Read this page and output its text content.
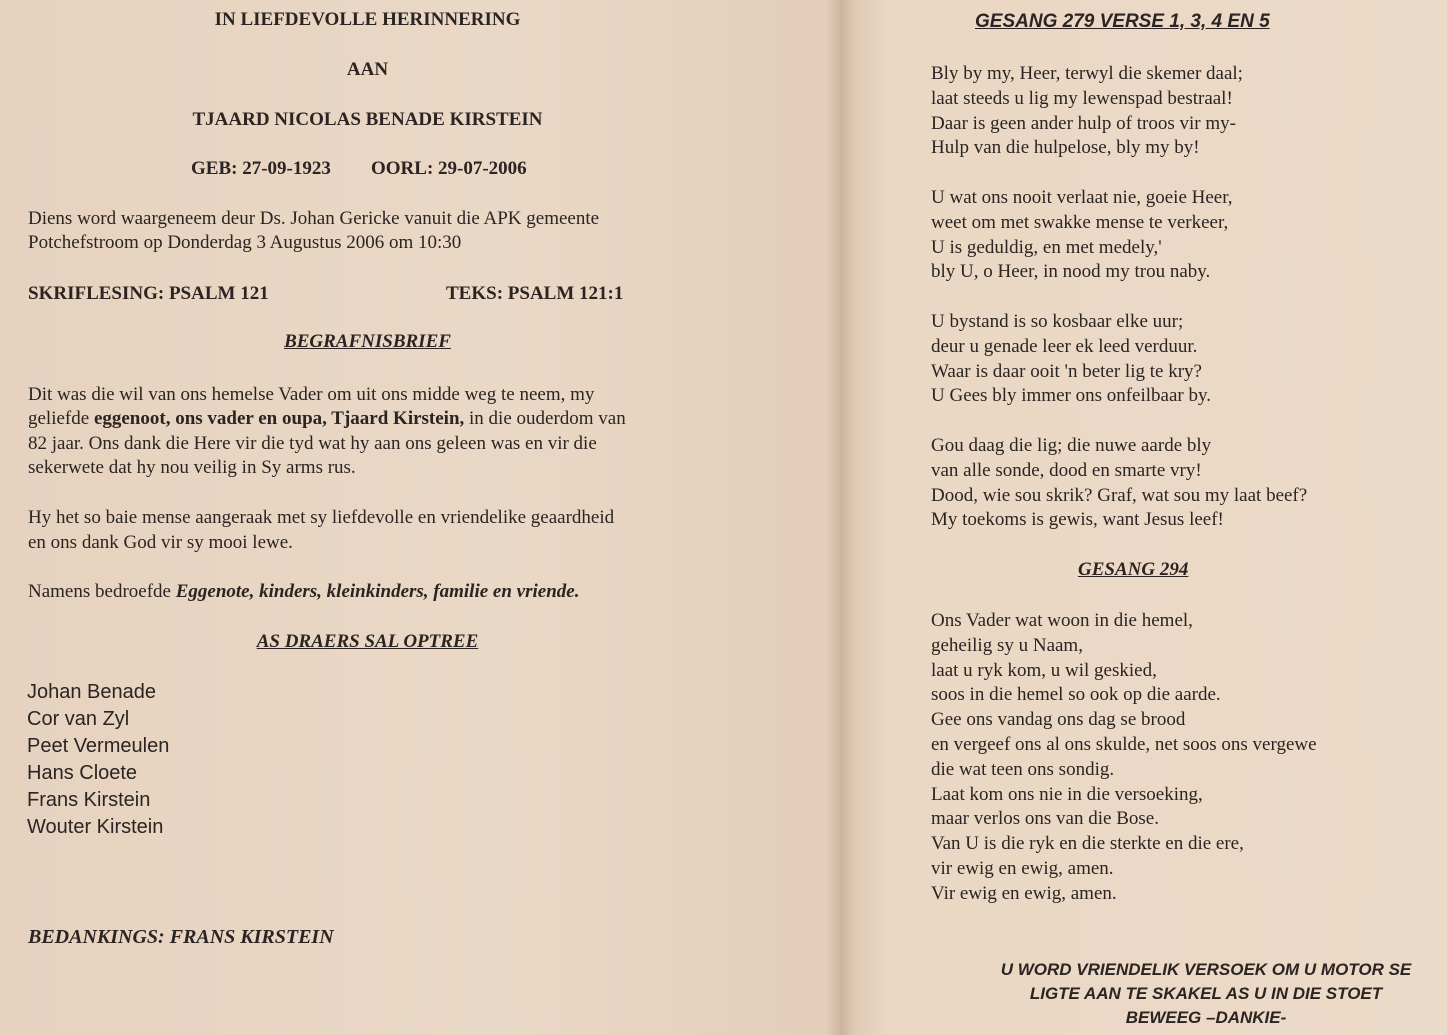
IN LIEFDEVOLLE HERINNERING
AAN
TJAARD NICOLAS BENADE KIRSTEIN
GEB: 27-09-1923 OORL: 29-07-2006
Diens word waargeneem deur Ds. Johan Gericke vanuit die APK gemeente
Potchefstroom op Donderdag 3 Augustus 2006 om 10:30
SKRIFLESING: PSALM 121	TEKS: PSALM 121:1
BEGRAFNISBRIEF
Dit was die wil van ons hemelse Vader om uit ons midde weg te neem, my
geliefde eggenoot, ons vader en oupa, Tjaard Kirstein, in die ouderdom van
82 jaar. Ons dank die Here vir die tyd wat hy aan ons geleen was en vir die
sekerwete dat hy nou veilig in Sy arms rus.
Hy het so baie mense aangeraak met sy liefdevolle en vriendelike geaardheid
en ons dank God vir sy mooi lewe.
Namens bedroefde Eggenote, kinders, kleinkinders, familie en vriende.
AS DRAERS SAL OPTREE
Johan Benade
Cor van Zyl
Peet Vermeulen
Hans Cloete
Frans Kirstein
Wouter Kirstein
BEDANKINGS: FRANS KIRSTEIN
GESANG 279 VERSE 1, 3, 4 EN 5
Bly by my, Heer, terwyl die skemer daal;
laat steeds u lig my lewenspad bestraal!
Daar is geen ander hulp of troos vir my-
Hulp van die hulpelose, bly my by!
U wat ons nooit verlaat nie, goeie Heer,
weet om met swakke mense te verkeer,
U is geduldig, en met medely,'
bly U, o Heer, in nood my trou naby.
U bystand is so kosbaar elke uur;
deur u genade leer ek leed verduur.
Waar is daar ooit 'n beter lig te kry?
U Gees bly immer ons onfeilbaar by.
Gou daag die lig; die nuwe aarde bly
van alle sonde, dood en smarte vry!
Dood, wie sou skrik? Graf, wat sou my laat beef?
My toekoms is gewis, want Jesus leef!
GESANG 294
Ons Vader wat woon in die hemel,
geheilig sy u Naam,
laat u ryk kom, u wil geskied,
soos in die hemel so ook op die aarde.
Gee ons vandag ons dag se brood
en vergeef ons al ons skulde, net soos ons vergewe
die wat teen ons sondig.
Laat kom ons nie in die versoeking,
maar verlos ons van die Bose.
Van U is die ryk en die sterkte en die ere,
vir ewig en ewig, amen.
Vir ewig en ewig, amen.
U WORD VRIENDELIK VERSOEK OM U MOTOR SE
LIGTE AAN TE SKAKEL AS U IN DIE STOET
BEWEEG –DANKIE-
